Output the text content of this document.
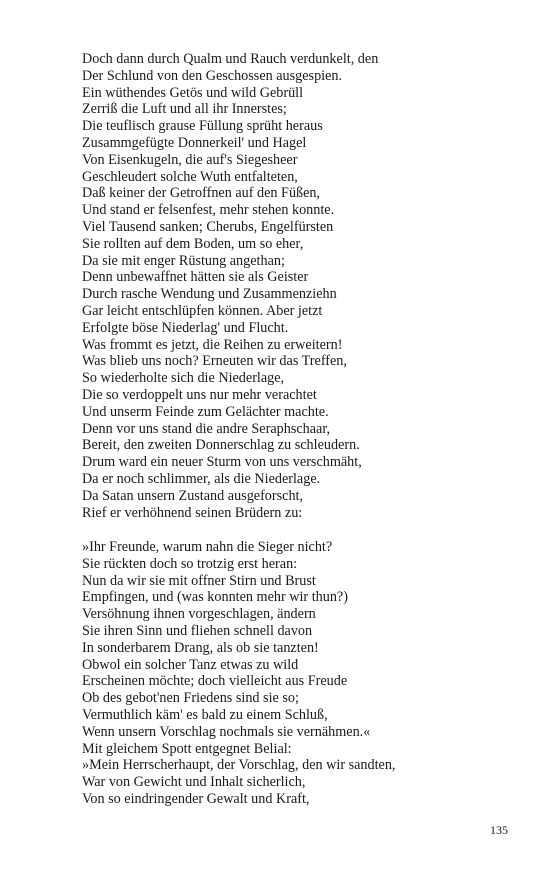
Doch dann durch Qualm und Rauch verdunkelt, den
Der Schlund von den Geschossen ausgespien.
Ein wüthendes Getös und wild Gebrüll
Zerriß die Luft und all ihr Innerstes;
Die teuflisch grause Füllung sprüht heraus
Zusammgefügte Donnerkeil' und Hagel
Von Eisenkugeln, die auf's Siegesheer
Geschleudert solche Wuth entfalteten,
Daß keiner der Getroffnen auf den Füßen,
Und stand er felsenfest, mehr stehen konnte.
Viel Tausend sanken; Cherubs, Engelfürsten
Sie rollten auf dem Boden, um so eher,
Da sie mit enger Rüstung angethan;
Denn unbewaffnet hätten sie als Geister
Durch rasche Wendung und Zusammenziehn
Gar leicht entschlüpfen können. Aber jetzt
Erfolgte böse Niederlag' und Flucht.
Was frommt es jetzt, die Reihen zu erweitern!
Was blieb uns noch? Erneuten wir das Treffen,
So wiederholte sich die Niederlage,
Die so verdoppelt uns nur mehr verachtet
Und unserm Feinde zum Gelächter machte.
Denn vor uns stand die andre Seraphschaar,
Bereit, den zweiten Donnerschlag zu schleudern.
Drum ward ein neuer Sturm von uns verschmäht,
Da er noch schlimmer, als die Niederlage.
Da Satan unsern Zustand ausgeforscht,
Rief er verhöhnend seinen Brüdern zu:
»Ihr Freunde, warum nahn die Sieger nicht?
Sie rückten doch so trotzig erst heran:
Nun da wir sie mit offner Stirn und Brust
Empfingen, und (was konnten mehr wir thun?)
Versöhnung ihnen vorgeschlagen, ändern
Sie ihren Sinn und fliehen schnell davon
In sonderbarem Drang, als ob sie tanzten!
Obwol ein solcher Tanz etwas zu wild
Erscheinen möchte; doch vielleicht aus Freude
Ob des gebot'nen Friedens sind sie so;
Vermuthlich käm' es bald zu einem Schluß,
Wenn unsern Vorschlag nochmals sie vernähmen.«
Mit gleichem Spott entgegnet Belial:
»Mein Herrscherhaupt, der Vorschlag, den wir sandten,
War von Gewicht und Inhalt sicherlich,
Von so eindringender Gewalt und Kraft,
135
